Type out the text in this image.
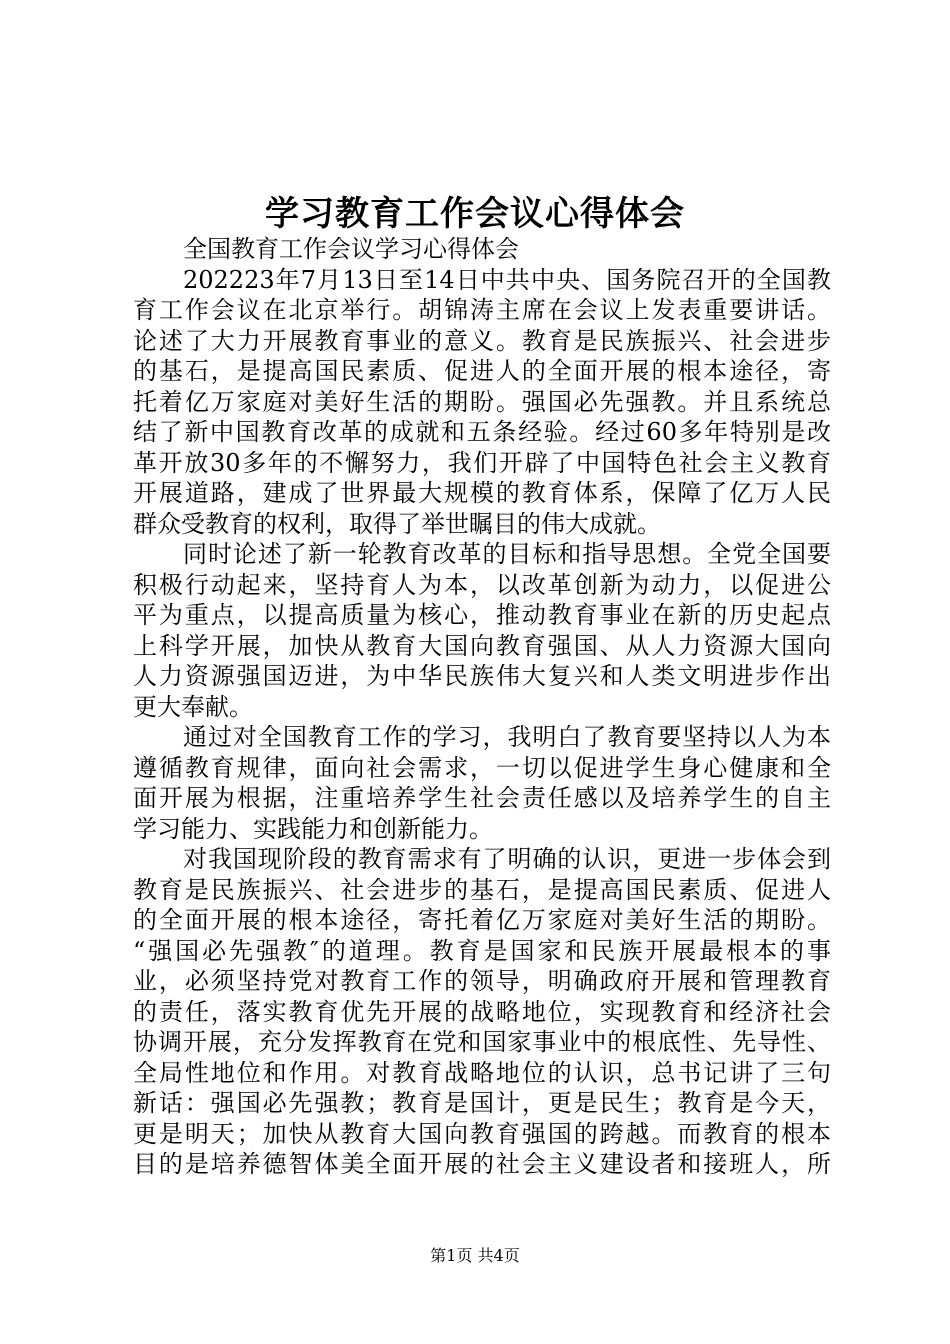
学习教育工作会议心得体会
全国教育工作会议学习心得体会
202223年7月13日至14日中共中央、国务院召开的全国教
育工作会议在北京举行。胡锦涛主席在会议上发表重要讲话。
论述了大力开展教育事业的意义。教育是民族振兴、社会进步
的基石，是提高国民素质、促进人的全面开展的根本途径，寄
托着亿万家庭对美好生活的期盼。强国必先强教。并且系统总
结了新中国教育改革的成就和五条经验。经过60多年特别是改
革开放30多年的不懈努力，我们开辟了中国特色社会主义教育
开展道路，建成了世界最大规模的教育体系，保障了亿万人民
群众受教育的权利，取得了举世瞩目的伟大成就。
同时论述了新一轮教育改革的目标和指导思想。全党全国要
积极行动起来，坚持育人为本，以改革创新为动力，以促进公
平为重点，以提高质量为核心，推动教育事业在新的历史起点
上科学开展，加快从教育大国向教育强国、从人力资源大国向
人力资源强国迈进，为中华民族伟大复兴和人类文明进步作出
更大奉献。
通过对全国教育工作的学习，我明白了教育要坚持以人为本
遵循教育规律，面向社会需求，一切以促进学生身心健康和全
面开展为根据，注重培养学生社会责任感以及培养学生的自主
学习能力、实践能力和创新能力。
对我国现阶段的教育需求有了明确的认识，更进一步体会到
教育是民族振兴、社会进步的基石，是提高国民素质、促进人
的全面开展的根本途径，寄托着亿万家庭对美好生活的期盼。
“强国必先强教″的道理。教育是国家和民族开展最根本的事
业，必须坚持党对教育工作的领导，明确政府开展和管理教育
的责任，落实教育优先开展的战略地位，实现教育和经济社会
协调开展，充分发挥教育在党和国家事业中的根底性、先导性、
全局性地位和作用。对教育战略地位的认识，总书记讲了三句
新话：强国必先强教；教育是国计，更是民生；教育是今天，
更是明天；加快从教育大国向教育强国的跨越。而教育的根本
目的是培养德智体美全面开展的社会主义建设者和接班人，所
第1页 共4页
